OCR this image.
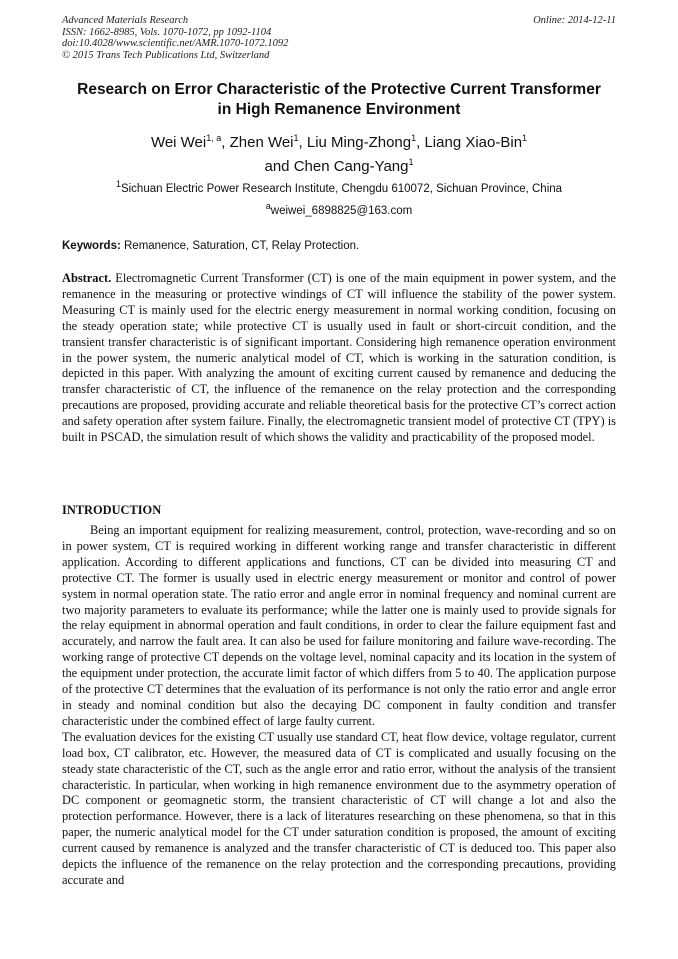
Advanced Materials Research
ISSN: 1662-8985, Vols. 1070-1072, pp 1092-1104
doi:10.4028/www.scientific.net/AMR.1070-1072.1092
© 2015 Trans Tech Publications Ltd, Switzerland
Online: 2014-12-11
Research on Error Characteristic of the Protective Current Transformer
in High Remanence Environment
Wei Wei$^{1, a}$, Zhen Wei$^1$, Liu Ming-Zhong$^1$, Liang Xiao-Bin$^1$
and Chen Cang-Yang$^1$
$^1$Sichuan Electric Power Research Institute, Chengdu 610072, Sichuan Province, China
$^a$weiwei_6898825@163.com
Keywords: Remanence, Saturation, CT, Relay Protection.
Abstract. Electromagnetic Current Transformer (CT) is one of the main equipment in power system, and the remanence in the measuring or protective windings of CT will influence the stability of the power system. Measuring CT is mainly used for the electric energy measurement in normal working condition, focusing on the steady operation state; while protective CT is usually used in fault or short-circuit condition, and the transient transfer characteristic is of significant important. Considering high remanence operation environment in the power system, the numeric analytical model of CT, which is working in the saturation condition, is depicted in this paper. With analyzing the amount of exciting current caused by remanence and deducing the transfer characteristic of CT, the influence of the remanence on the relay protection and the corresponding precautions are proposed, providing accurate and reliable theoretical basis for the protective CT’s correct action and safety operation after system failure. Finally, the electromagnetic transient model of protective CT (TPY) is built in PSCAD, the simulation result of which shows the validity and practicability of the proposed model.
INTRODUCTION

Being an important equipment for realizing measurement, control, protection, wave-recording and so on in power system, CT is required working in different working range and transfer characteristic in different application. According to different applications and functions, CT can be divided into measuring CT and protective CT. The former is usually used in electric energy measurement or monitor and control of power system in normal operation state. The ratio error and angle error in nominal frequency and nominal current are two majority parameters to evaluate its performance; while the latter one is mainly used to provide signals for the relay equipment in abnormal operation and fault conditions, in order to clear the failure equipment fast and accurately, and narrow the fault area. It can also be used for failure monitoring and failure wave-recording. The working range of protective CT depends on the voltage level, nominal capacity and its location in the system of the equipment under protection, the accurate limit factor of which differs from 5 to 40. The application purpose of the protective CT determines that the evaluation of its performance is not only the ratio error and angle error in steady and nominal condition but also the decaying DC component in faulty condition and transfer characteristic under the combined effect of large faulty current.

The evaluation devices for the existing CT usually use standard CT, heat flow device, voltage regulator, current load box, CT calibrator, etc. However, the measured data of CT is complicated and usually focusing on the steady state characteristic of the CT, such as the angle error and ratio error, without the analysis of the transient characteristic. In particular, when working in high remanence environment due to the asymmetry operation of DC component or geomagnetic storm, the transient characteristic of CT will change a lot and also the protection performance. However, there is a lack of literatures researching on these phenomena, so that in this paper, the numeric analytical model for the CT under saturation condition is proposed, the amount of exciting current caused by remanence is analyzed and the transfer characteristic of CT is deduced too. This paper also depicts the influence of the remanence on the relay protection and the corresponding precautions, providing accurate and
